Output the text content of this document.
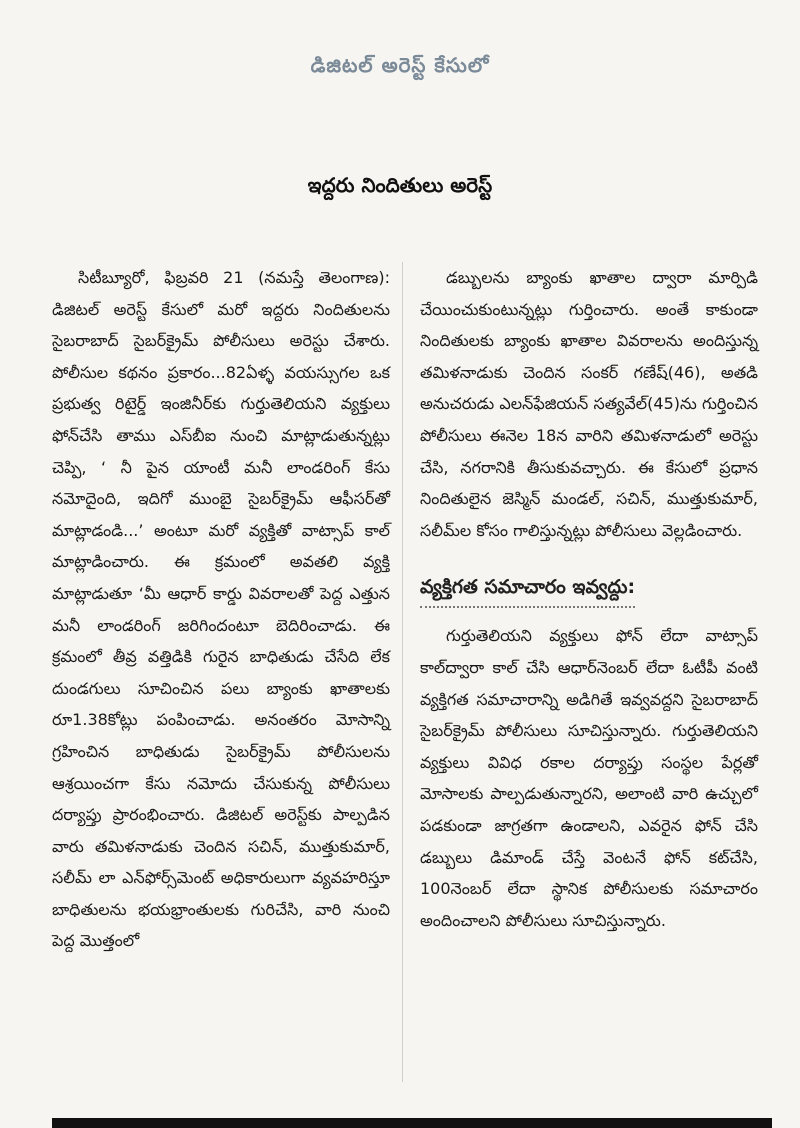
డిజిటల్ అరెస్ట్ కేసులో
ఇద్దరు నిందితులు అరెస్ట్

సిటీబ్యూరో, ఫిబ్రవరి 21 (నమస్తే తెలంగాణ): డిజిటల్ అరెస్ట్ కేసులో మరో ఇద్దరు నిందితులను సైబరాబాద్ సైబర్‌క్రైమ్ పోలీసులు అరెస్టు చేశారు. పోలీసుల కథనం ప్రకారం...82ఏళ్ళ వయస్సుగల ఒక ప్రభుత్వ రిటైర్డ్ ఇంజినీర్‌కు గుర్తుతెలియని వ్యక్తులు ఫోన్‌చేసి తాము ఎస్‌బీఐ నుంచి మాట్లాడుతున్నట్లు చెప్పి, ‘ నీ పైన యాంటీ మనీ లాండరింగ్ కేసు నమోదైంది, ఇదిగో ముంబై సైబర్‌క్రైమ్ ఆఫీసర్‌తో మాట్లాడండి...’ అంటూ మరో వ్యక్తితో వాట్సాప్ కాల్ మాట్లాడించారు. ఈ క్రమంలో అవతలి వ్యక్తి మాట్లాడుతూ ‘మీ ఆధార్ కార్డు వివరాలతో పెద్ద ఎత్తున మనీ లాండరింగ్ జరిగిందంటూ బెదిరించాడు. ఈ క్రమంలో తీవ్ర వత్తిడికి గురైన బాధితుడు చేసేది లేక దుండగులు సూచించిన పలు బ్యాంకు ఖాతాలకు రూ1.38కోట్లు పంపించాడు. అనంతరం మోసాన్ని గ్రహించిన బాధితుడు సైబర్‌క్రైమ్ పోలీసులను ఆశ్రయించగా కేసు నమోదు చేసుకున్న పోలీసులు దర్యాప్తు ప్రారంభించారు. డిజిటల్ అరెస్ట్‌కు పాల్పడిన వారు తమిళనాడుకు చెందిన సచిన్, ముత్తుకుమార్, సలీమ్ లా ఎన్‌ఫోర్స్‌మెంట్ అధికారులుగా వ్యవహరిస్తూ బాధితులను భయభ్రాంతులకు గురిచేసి, వారి నుంచి పెద్ద మొత్తంలో

డబ్బులను బ్యాంకు ఖాతాల ద్వారా మార్పిడి చేయించుకుంటున్నట్లు గుర్తించారు. అంతే కాకుండా నిందితులకు బ్యాంకు ఖాతాల వివరాలను అందిస్తున్న తమిళనాడుకు చెందిన సంకర్ గణేష్(46), అతడి అనుచరుడు ఎలన్‌ఫేజియన్ సత్యవేల్(45)ను గుర్తించిన పోలీసులు ఈనెల 18న వారిని తమిళనాడులో అరెస్టు చేసి, నగరానికి తీసుకువచ్చారు. ఈ కేసులో ప్రధాన నిందితులైన జెస్మిన్ మండల్, సచిన్, ముత్తుకుమార్, సలీమ్‌ల కోసం గాలిస్తున్నట్లు పోలీసులు వెల్లడించారు.

వ్యక్తిగత సమాచారం ఇవ్వద్దు:

గుర్తుతెలియని వ్యక్తులు ఫోన్ లేదా వాట్సాప్ కాల్‌ద్వారా కాల్ చేసి ఆధార్‌నెంబర్ లేదా ఓటీపీ వంటి వ్యక్తిగత సమాచారాన్ని అడిగితే ఇవ్వవద్దని సైబరాబాద్ సైబర్‌క్రైమ్ పోలీసులు సూచిస్తున్నారు. గుర్తుతెలియని వ్యక్తులు వివిధ రకాల దర్యాప్తు సంస్థల పేర్లతో మోసాలకు పాల్పడుతున్నారని, అలాంటి వారి ఉచ్చులో పడకుండా జాగ్రతగా ఉండాలని, ఎవరైన ఫోన్ చేసి డబ్బులు డిమాండ్ చేస్తే వెంటనే ఫోన్ కట్‌చేసి, 100నెంబర్ లేదా స్థానిక పోలీసులకు సమాచారం అందించాలని పోలీసులు సూచిస్తున్నారు.
